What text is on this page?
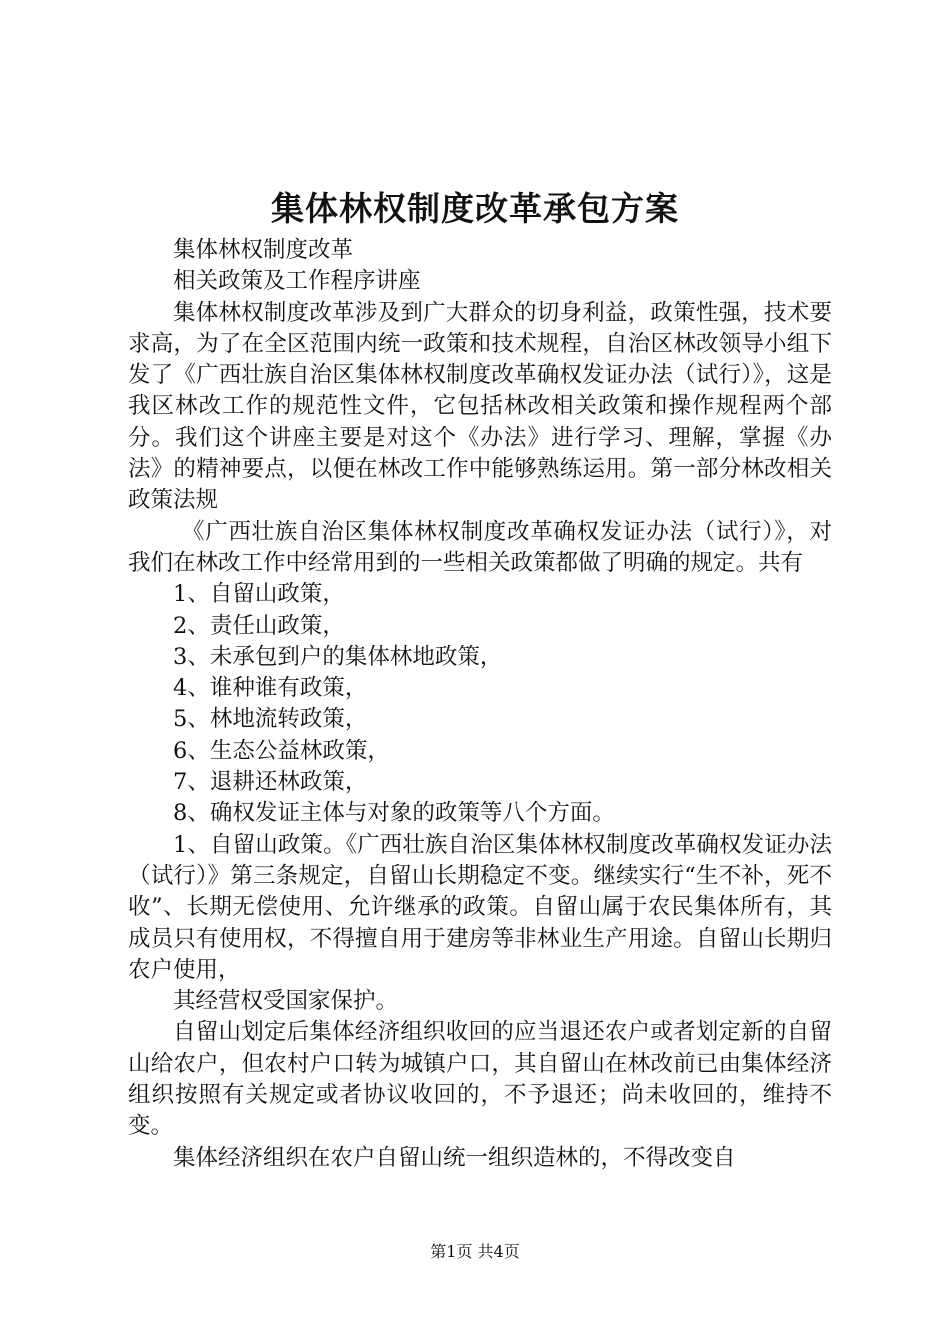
集体林权制度改革承包方案

集体林权制度改革

相关政策及工作程序讲座

集体林权制度改革涉及到广大群众的切身利益，政策性强，技术要求高，为了在全区范围内统一政策和技术规程，自治区林改领导小组下发了《广西壮族自治区集体林权制度改革确权发证办法（试行）》，这是我区林改工作的规范性文件，它包括林改相关政策和操作规程两个部分。我们这个讲座主要是对这个《办法》进行学习、理解，掌握《办法》的精神要点，以便在林改工作中能够熟练运用。第一部分林改相关政策法规

《广西壮族自治区集体林权制度改革确权发证办法（试行）》，对我们在林改工作中经常用到的一些相关政策都做了明确的规定。共有

1、自留山政策，

2、责任山政策，

3、未承包到户的集体林地政策，

4、谁种谁有政策，

5、林地流转政策，

6、生态公益林政策，

7、退耕还林政策，

8、确权发证主体与对象的政策等八个方面。

1、自留山政策。《广西壮族自治区集体林权制度改革确权发证办法（试行）》第三条规定，自留山长期稳定不变。继续实行“生不补，死不收”、长期无偿使用、允许继承的政策。自留山属于农民集体所有，其成员只有使用权，不得擅自用于建房等非林业生产用途。自留山长期归农户使用，

其经营权受国家保护。

自留山划定后集体经济组织收回的应当退还农户或者划定新的自留山给农户，但农村户口转为城镇户口，其自留山在林改前已由集体经济组织按照有关规定或者协议收回的，不予退还；尚未收回的，维持不变。

集体经济组织在农户自留山统一组织造林的，不得改变自

第1页 共4页
